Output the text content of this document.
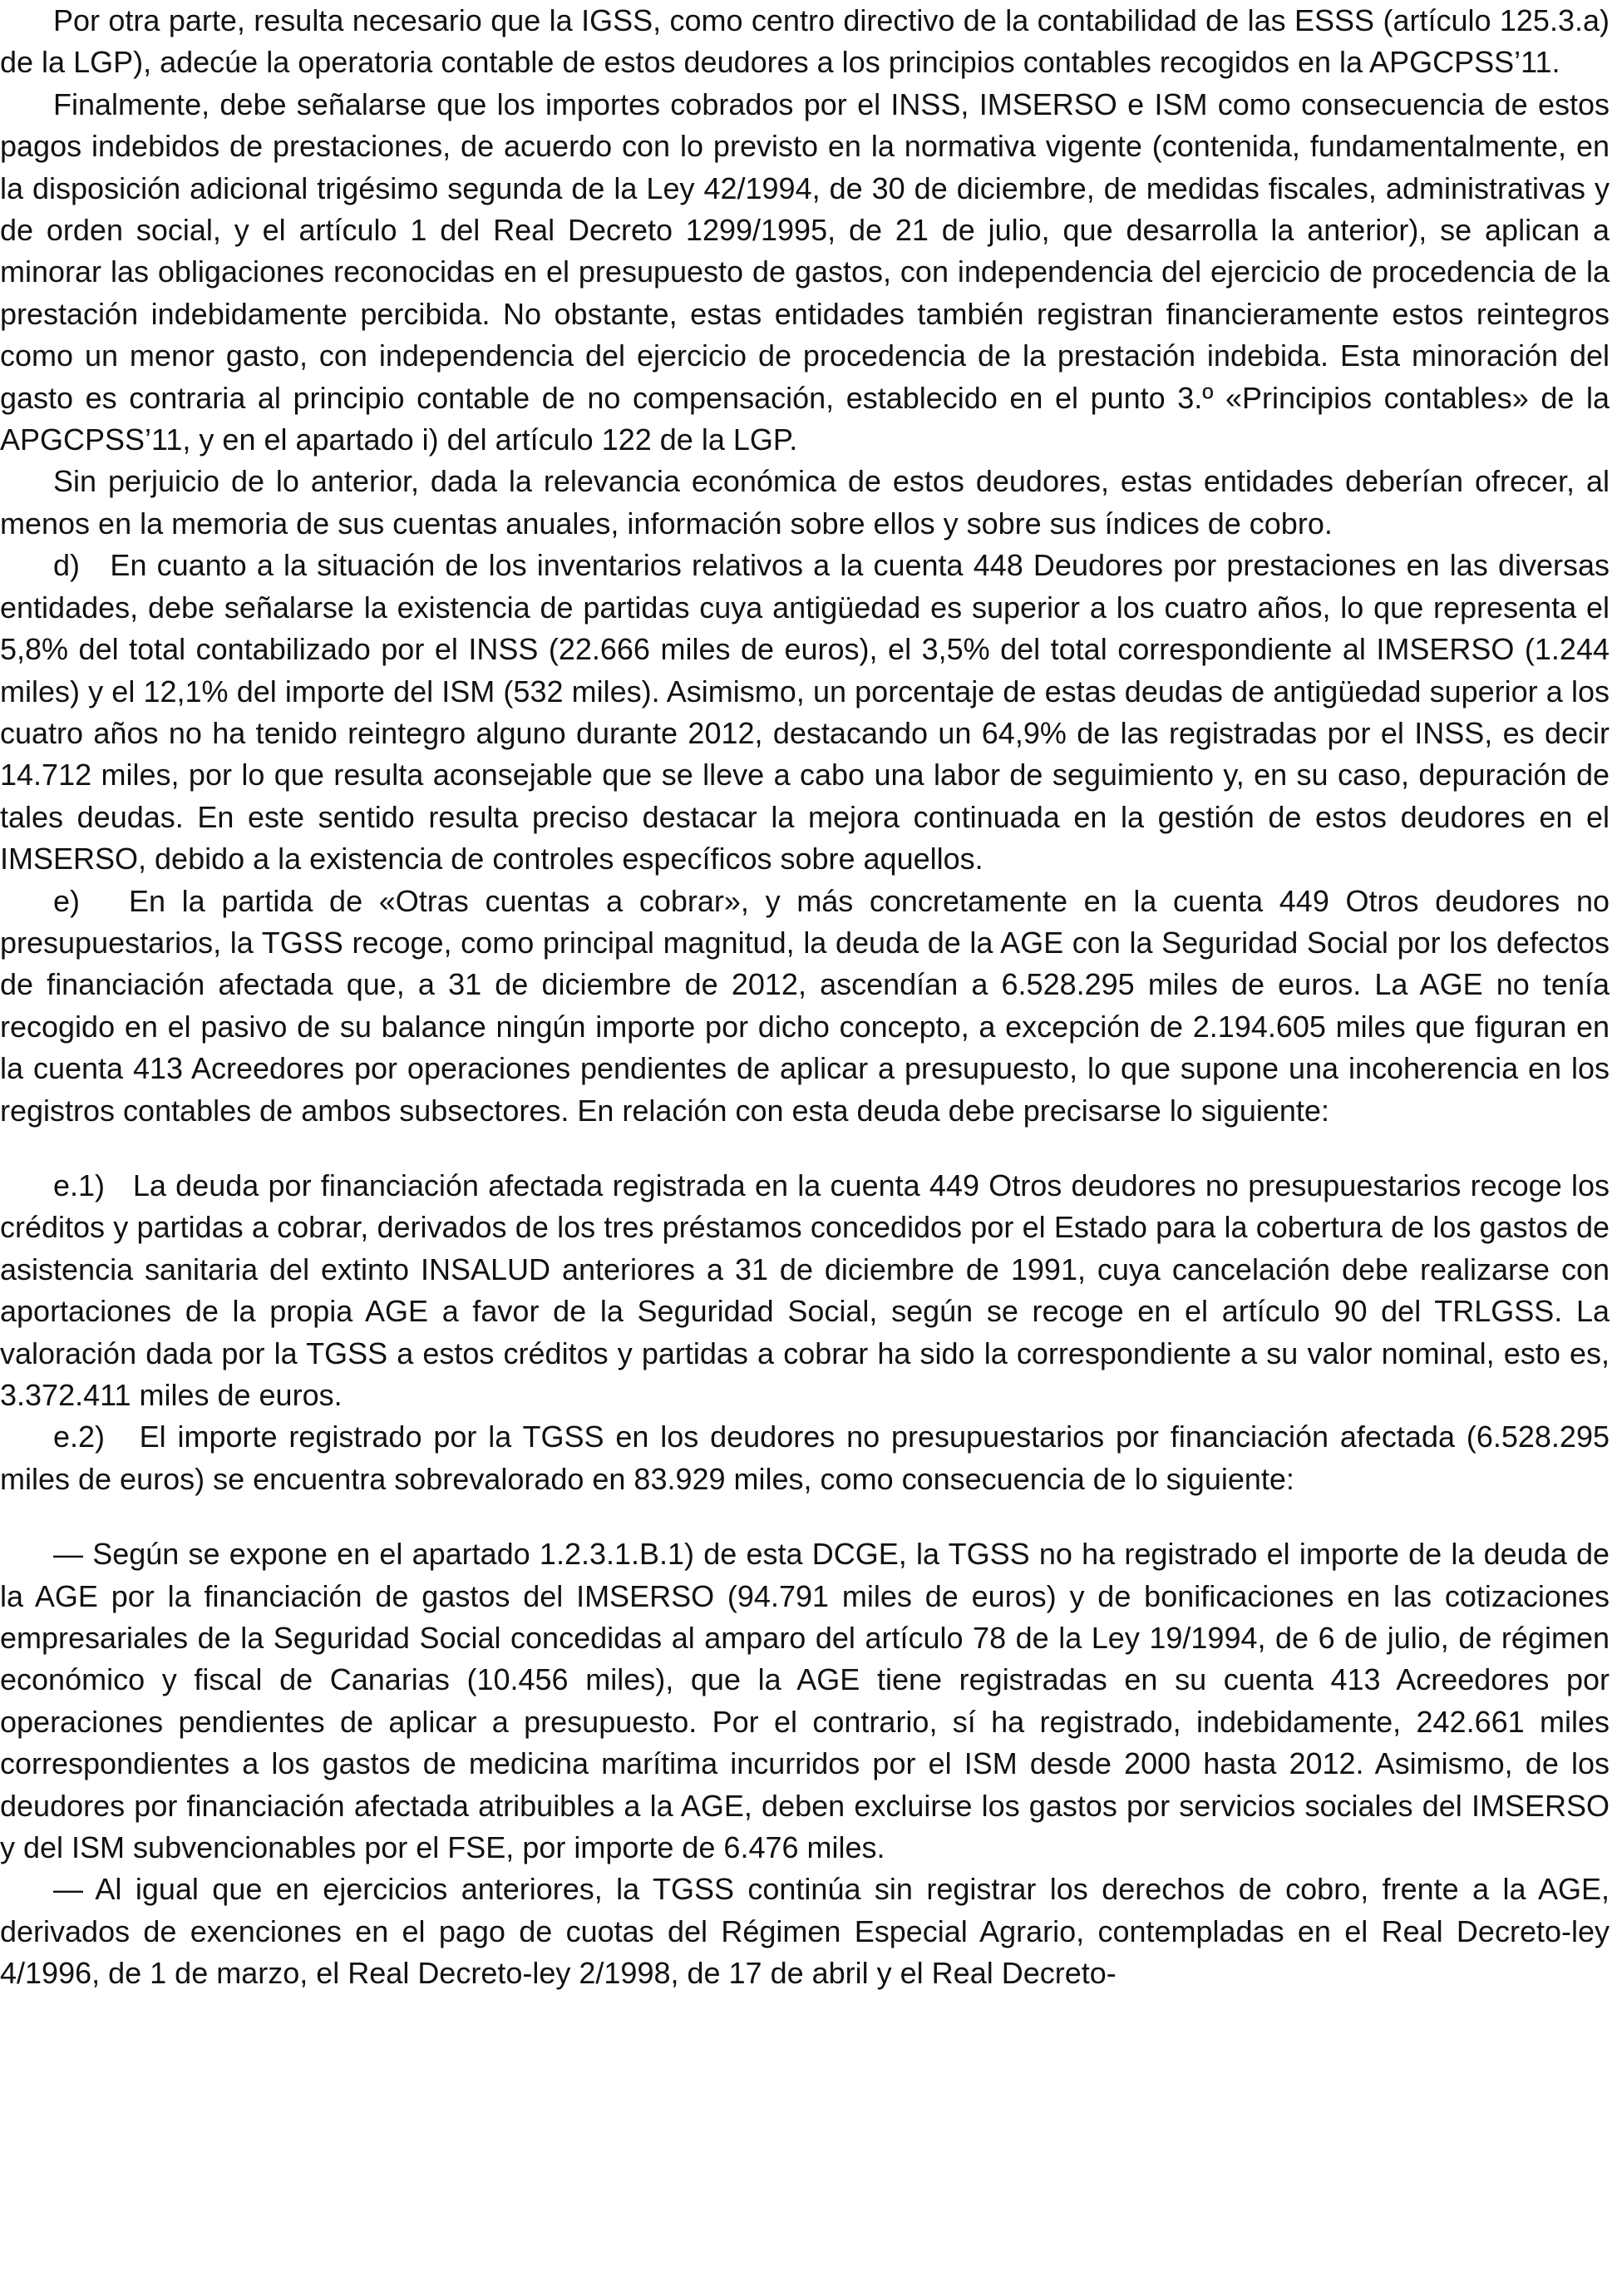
Por otra parte, resulta necesario que la IGSS, como centro directivo de la contabilidad de las ESSS (artículo 125.3.a) de la LGP), adecúe la operatoria contable de estos deudores a los principios contables recogidos en la APGCPSS’11.

Finalmente, debe señalarse que los importes cobrados por el INSS, IMSERSO e ISM como consecuencia de estos pagos indebidos de prestaciones, de acuerdo con lo previsto en la normativa vigente (contenida, fundamentalmente, en la disposición adicional trigésimo segunda de la Ley 42/1994, de 30 de diciembre, de medidas fiscales, administrativas y de orden social, y el artículo 1 del Real Decreto 1299/1995, de 21 de julio, que desarrolla la anterior), se aplican a minorar las obligaciones reconocidas en el presupuesto de gastos, con independencia del ejercicio de procedencia de la prestación indebidamente percibida. No obstante, estas entidades también registran financieramente estos reintegros como un menor gasto, con independencia del ejercicio de procedencia de la prestación indebida. Esta minoración del gasto es contraria al principio contable de no compensación, establecido en el punto 3.º «Principios contables» de la APGCPSS’11, y en el apartado i) del artículo 122 de la LGP.

Sin perjuicio de lo anterior, dada la relevancia económica de estos deudores, estas entidades deberían ofrecer, al menos en la memoria de sus cuentas anuales, información sobre ellos y sobre sus índices de cobro.

d)   En cuanto a la situación de los inventarios relativos a la cuenta 448 Deudores por prestaciones en las diversas entidades, debe señalarse la existencia de partidas cuya antigüedad es superior a los cuatro años, lo que representa el 5,8% del total contabilizado por el INSS (22.666 miles de euros), el 3,5% del total correspondiente al IMSERSO (1.244 miles) y el 12,1% del importe del ISM (532 miles). Asimismo, un porcentaje de estas deudas de antigüedad superior a los cuatro años no ha tenido reintegro alguno durante 2012, destacando un 64,9% de las registradas por el INSS, es decir 14.712 miles, por lo que resulta aconsejable que se lleve a cabo una labor de seguimiento y, en su caso, depuración de tales deudas. En este sentido resulta preciso destacar la mejora continuada en la gestión de estos deudores en el IMSERSO, debido a la existencia de controles específicos sobre aquellos.

e)   En la partida de «Otras cuentas a cobrar», y más concretamente en la cuenta 449 Otros deudores no presupuestarios, la TGSS recoge, como principal magnitud, la deuda de la AGE con la Seguridad Social por los defectos de financiación afectada que, a 31 de diciembre de 2012, ascendían a 6.528.295 miles de euros. La AGE no tenía recogido en el pasivo de su balance ningún importe por dicho concepto, a excepción de 2.194.605 miles que figuran en la cuenta 413 Acreedores por operaciones pendientes de aplicar a presupuesto, lo que supone una incoherencia en los registros contables de ambos subsectores. En relación con esta deuda debe precisarse lo siguiente:

e.1)   La deuda por financiación afectada registrada en la cuenta 449 Otros deudores no presupuestarios recoge los créditos y partidas a cobrar, derivados de los tres préstamos concedidos por el Estado para la cobertura de los gastos de asistencia sanitaria del extinto INSALUD anteriores a 31 de diciembre de 1991, cuya cancelación debe realizarse con aportaciones de la propia AGE a favor de la Seguridad Social, según se recoge en el artículo 90 del TRLGSS. La valoración dada por la TGSS a estos créditos y partidas a cobrar ha sido la correspondiente a su valor nominal, esto es, 3.372.411 miles de euros.

e.2)   El importe registrado por la TGSS en los deudores no presupuestarios por financiación afectada (6.528.295 miles de euros) se encuentra sobrevalorado en 83.929 miles, como consecuencia de lo siguiente:

— Según se expone en el apartado 1.2.3.1.B.1) de esta DCGE, la TGSS no ha registrado el importe de la deuda de la AGE por la financiación de gastos del IMSERSO (94.791 miles de euros) y de bonificaciones en las cotizaciones empresariales de la Seguridad Social concedidas al amparo del artículo 78 de la Ley 19/1994, de 6 de julio, de régimen económico y fiscal de Canarias (10.456 miles), que la AGE tiene registradas en su cuenta 413 Acreedores por operaciones pendientes de aplicar a presupuesto. Por el contrario, sí ha registrado, indebidamente, 242.661 miles correspondientes a los gastos de medicina marítima incurridos por el ISM desde 2000 hasta 2012. Asimismo, de los deudores por financiación afectada atribuibles a la AGE, deben excluirse los gastos por servicios sociales del IMSERSO y del ISM subvencionables por el FSE, por importe de 6.476 miles.

— Al igual que en ejercicios anteriores, la TGSS continúa sin registrar los derechos de cobro, frente a la AGE, derivados de exenciones en el pago de cuotas del Régimen Especial Agrario, contempladas en el Real Decreto-ley 4/1996, de 1 de marzo, el Real Decreto-ley 2/1998, de 17 de abril y el Real Decreto-
